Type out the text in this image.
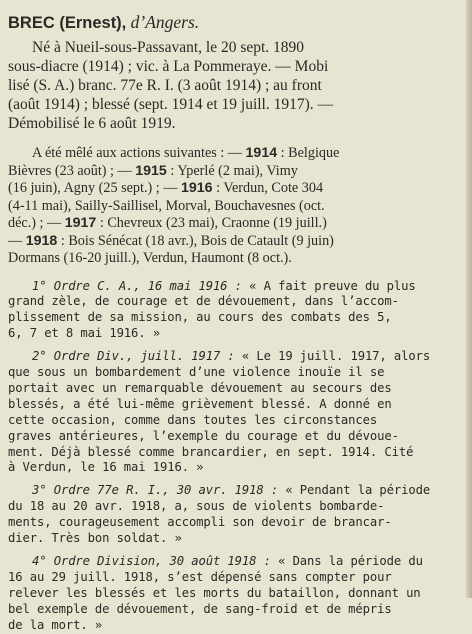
BREC (Ernest), d’Angers.

Né à Nueil-sous-Passavant, le 20 sept. 1890
sous-diacre (1914) ; vic. à La Pommeraye. — Mobi
lisé (S. A.) branc. 77e R. I. (3 août 1914) ; au front
(août 1914) ; blessé (sept. 1914 et 19 juill. 1917). —
Démobilisé le 6 août 1919.
A été mêlé aux actions suivantes : — 1914 : Belgique
Bièvres (23 août) ; — 1915 : Yperlé (2 mai), Vimy
(16 juin), Agny (25 sept.) ; — 1916 : Verdun, Cote 304
(4-11 mai), Sailly-Saillisel, Morval, Bouchavesnes (oct.
déc.) ; — 1917 : Chevreux (23 mai), Craonne (19 juill.)
— 1918 : Bois Sénécat (18 avr.), Bois de Catault (9 juin)
Dormans (16-20 juill.), Verdun, Haumont (8 oct.).
1° Ordre C. A., 16 mai 1916 : « A fait preuve du plus
grand zèle, de courage et de dévouement, dans l’accom-
plissement de sa mission, au cours des combats des 5,
6, 7 et 8 mai 1916. »
2° Ordre Div., juill. 1917 : « Le 19 juill. 1917, alors
que sous un bombardement d’une violence inouïe il se
portait avec un remarquable dévouement au secours des
blessés, a été lui-même grièvement blessé. A donné en
cette occasion, comme dans toutes les circonstances
graves antérieures, l’exemple du courage et du dévoue-
ment. Déjà blessé comme brancardier, en sept. 1914. Cité
à Verdun, le 16 mai 1916. »
3° Ordre 77e R. I., 30 avr. 1918 : « Pendant la période
du 18 au 20 avr. 1918, a, sous de violents bombarde-
ments, courageusement accompli son devoir de brancar-
dier. Très bon soldat. »
4° Ordre Division, 30 août 1918 : « Dans la période du
16 au 29 juill. 1918, s’est dépensé sans compter pour
relever les blessés et les morts du bataillon, donnant un
bel exemple de dévouement, de sang-froid et de mépris
de la mort. »
